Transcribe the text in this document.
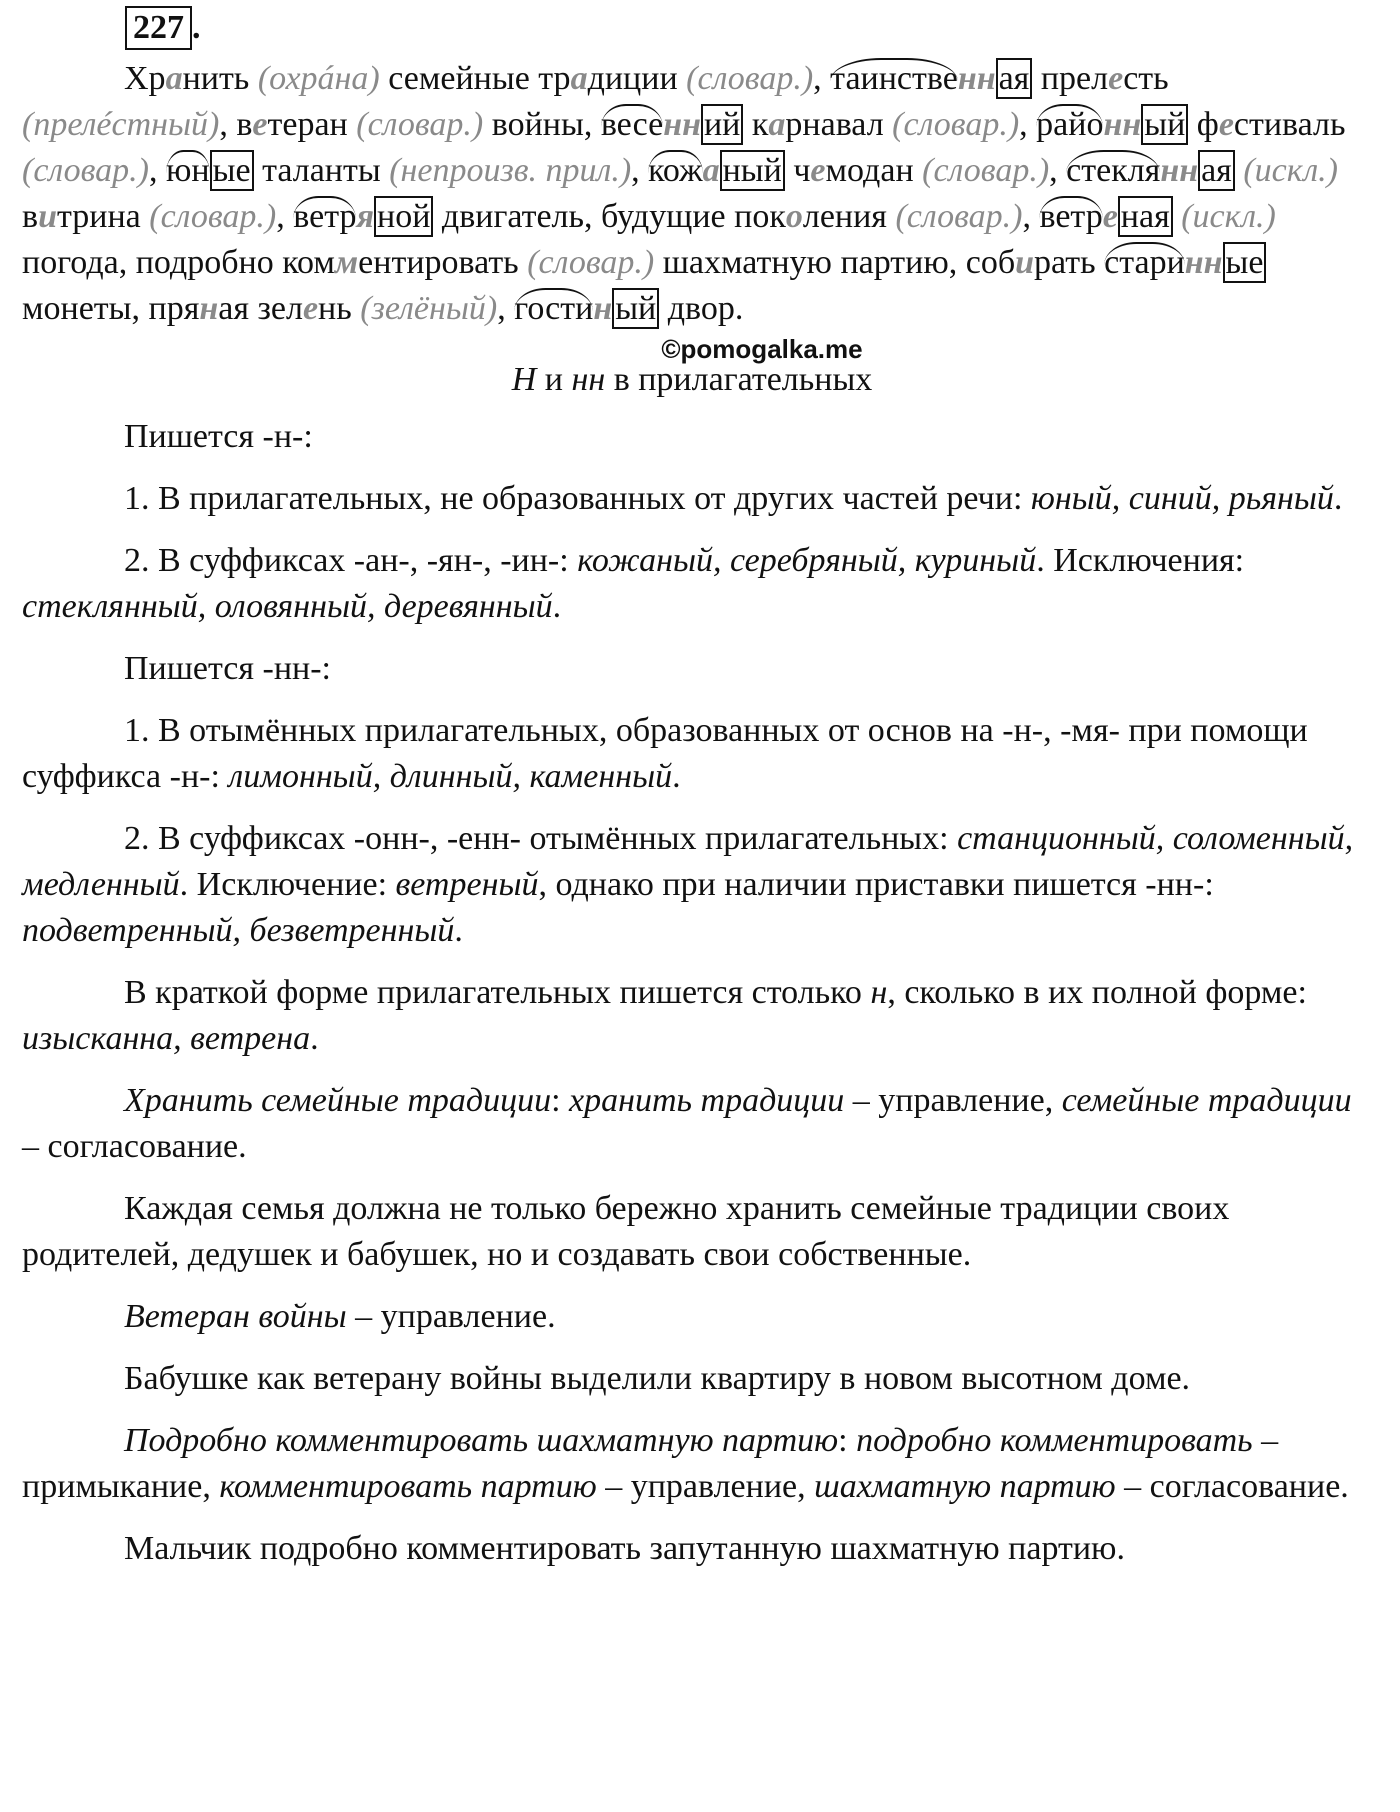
227 .
Хранить (охрáна) семейные традиции (словар.), таинственная прелесть (прелéстный), ветеран (словар.) войны, весенний карнавал (словар.), районный фестиваль (словар.), юные таланты (непроизв. прил.), кожаный чемодан (словар.), стеклянная (искл.) витрина (словар.), ветряной двигатель, будущие поколения (словар.), ветреная (искл.) погода, подробно комментировать (словар.) шахматную партию, собирать старинные монеты, пряная зелень (зелёный), гостиный двор.
©pomogalka.me
Н и нн в прилагательных

Пишется -н-:

1. В прилагательных, не образованных от других частей речи: юный, синий, рьяный.

2. В суффиксах -ан-, -ян-, -ин-: кожаный, серебряный, куриный. Исключения: стеклянный, оловянный, деревянный.

Пишется -нн-:

1. В отымённых прилагательных, образованных от основ на -н-, -мя- при помощи суффикса -н-: лимонный, длинный, каменный.

2. В суффиксах -онн-, -енн- отымённых прилагательных: станционный, соломенный, медленный. Исключение: ветреный, однако при наличии приставки пишется -нн-: подветренный, безветренный.

В краткой форме прилагательных пишется столько н, сколько в их полной форме: изысканна, ветрена.

Хранить семейные традиции: хранить традиции – управление, семейные традиции – согласование.

Каждая семья должна не только бережно хранить семейные традиции своих родителей, дедушек и бабушек, но и создавать свои собственные.

Ветеран войны – управление.

Бабушке как ветерану войны выделили квартиру в новом высотном доме.

Подробно комментировать шахматную партию: подробно комментировать – примыкание, комментировать партию – управление, шахматную партию – согласование.

Мальчик подробно комментировать запутанную шахматную партию.
